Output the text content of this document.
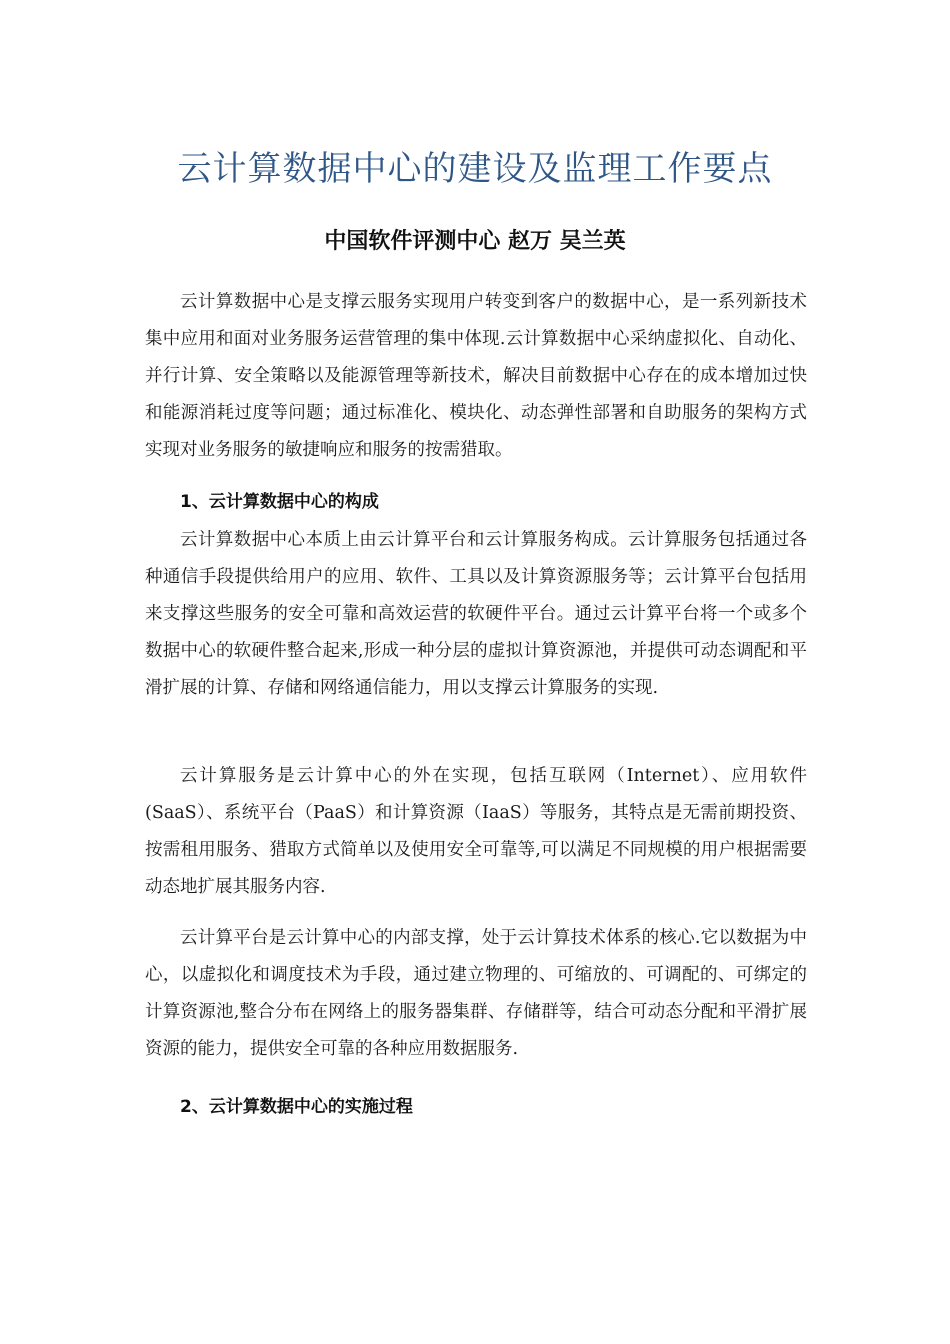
云计算数据中心的建设及监理工作要点
中国软件评测中心 赵万 吴兰英

云计算数据中心是支撑云服务实现用户转变到客户的数据中心，是一系列新技术集中应用和面对业务服务运营管理的集中体现.云计算数据中心采纳虚拟化、自动化、并行计算、安全策略以及能源管理等新技术，解决目前数据中心存在的成本增加过快和能源消耗过度等问题；通过标准化、模块化、动态弹性部署和自助服务的架构方式实现对业务服务的敏捷响应和服务的按需猎取。

1、云计算数据中心的构成

云计算数据中心本质上由云计算平台和云计算服务构成。云计算服务包括通过各种通信手段提供给用户的应用、软件、工具以及计算资源服务等；云计算平台包括用来支撑这些服务的安全可靠和高效运营的软硬件平台。通过云计算平台将一个或多个数据中心的软硬件整合起来,形成一种分层的虚拟计算资源池，并提供可动态调配和平滑扩展的计算、存储和网络通信能力，用以支撑云计算服务的实现.

云计算服务是云计算中心的外在实现，包括互联网（Internet）、应用软件(SaaS）、系统平台（PaaS）和计算资源（IaaS）等服务，其特点是无需前期投资、按需租用服务、猎取方式简单以及使用安全可靠等,可以满足不同规模的用户根据需要动态地扩展其服务内容.

云计算平台是云计算中心的内部支撑，处于云计算技术体系的核心.它以数据为中心，以虚拟化和调度技术为手段，通过建立物理的、可缩放的、可调配的、可绑定的计算资源池,整合分布在网络上的服务器集群、存储群等，结合可动态分配和平滑扩展资源的能力，提供安全可靠的各种应用数据服务.

2、云计算数据中心的实施过程
